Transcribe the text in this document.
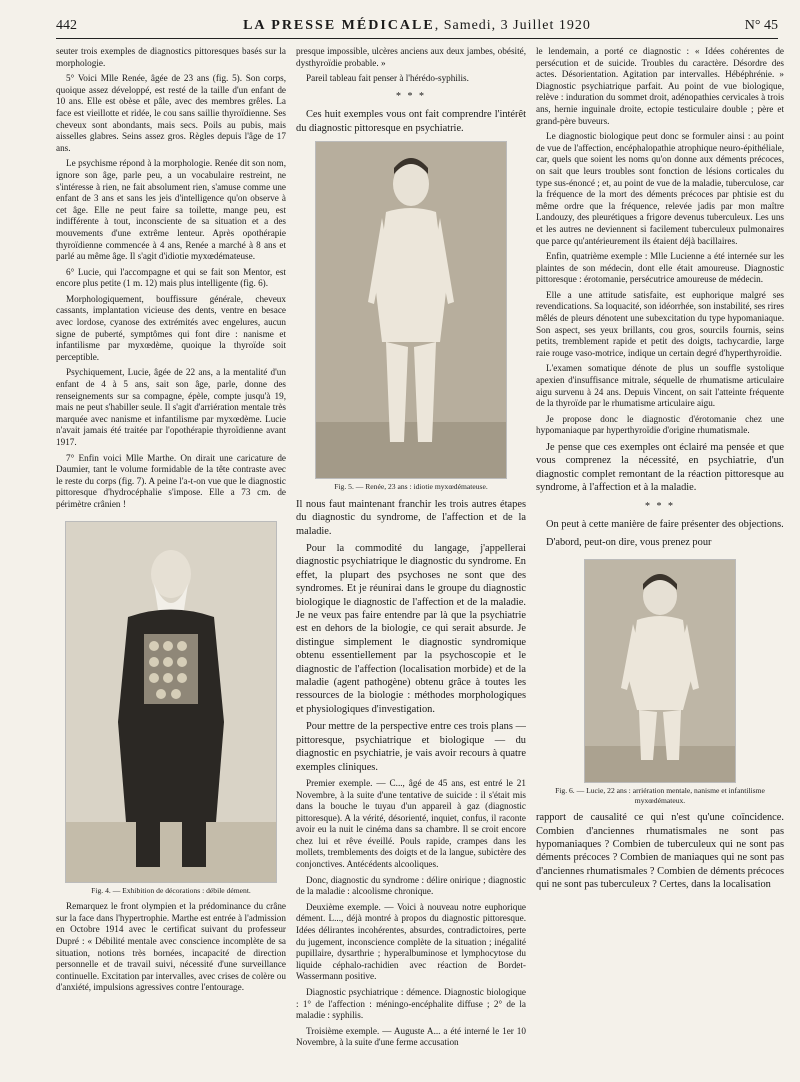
442	LA PRESSE MÉDICALE, Samedi, 3 Juillet 1920	N° 45

seuter trois exemples de diagnostics pittoresques basés sur la morphologie.

5° Voici Mlle Renée, âgée de 23 ans (fig. 5). Son corps, quoique assez développé, est resté de la taille d'un enfant de 10 ans. Elle est obèse et pâle, avec des membres grêles. La face est vieillotte et ridée, le cou sans saillie thyroïdienne. Ses cheveux sont abondants, mais secs. Poils au pubis, mais aisselles glabres. Seins assez gros. Règles depuis l'âge de 17 ans.

Le psychisme répond à la morphologie. Renée dit son nom, ignore son âge, parle peu, a un vocabulaire restreint, ne s'intéresse à rien, ne fait absolument rien, s'amuse comme une enfant de 3 ans et sans les jeis d'intelligence qu'on observe à cet âge. Elle ne peut faire sa toilette, mange peu, est indifférente à tout, inconsciente de sa situation et a des mouvements d'une extrême lenteur. Après opothérapie thyroïdienne commencée à 4 ans, Renée a marché à 8 ans et parlé au même âge. Il s'agit d'idiotie myxœdémateuse.

6° Lucie, qui l'accompagne et qui se fait son Mentor, est encore plus petite (1 m. 12) mais plus intelligente (fig. 6).

Morphologiquement, bouffissure générale, cheveux cassants, implantation vicieuse des dents, ventre en besace avec lordose, cyanose des extrémités avec engelures, aucun signe de puberté, symptômes qui font dire : nanisme et infantilisme par myxœdème, quoique la thyroïde soit perceptible.

Psychiquement, Lucie, âgée de 22 ans, a la mentalité d'un enfant de 4 à 5 ans, sait son âge, parle, donne des renseignements sur sa compagne, épèle, compte jusqu'à 19, mais ne peut s'habiller seule. Il s'agit d'arriération mentale très marquée avec nanisme et infantilisme par myxœdème. Lucie n'avait jamais été traitée par l'opothérapie thyroïdienne avant 1917.

7° Enfin voici Mlle Marthe. On dirait une caricature de Daumier, tant le volume formidable de la tête contraste avec le reste du corps (fig. 7). A peine l'a-t-on vue que le diagnostic pittoresque d'hydrocéphalie s'impose. Elle a 73 cm. de périmètre crânien !

Fig. 4. — Exhibition de décorations : débile dément.

Remarquez le front olympien et la prédominance du crâne sur la face dans l'hypertrophie. Marthe est entrée à l'admission en Octobre 1914 avec le certificat suivant du professeur Dupré : « Débilité mentale avec conscience incomplète de sa situation, notions très bornées, incapacité de direction personnelle et de travail suivi, nécessité d'une surveillance continuelle. Excitation par intervalles, avec crises de colère ou d'anxiété, impulsions agressives contre l'entourage.

presque impossible, ulcères anciens aux deux jambes, obésité, dysthyroïdie probable. »

Pareil tableau fait penser à l'hérédo-syphilis.

* * *

Ces huit exemples vous ont fait comprendre l'intérêt du diagnostic pittoresque en psychiatrie.

Fig. 5. — Renée, 23 ans : idiotie myxœdémateuse.

Il nous faut maintenant franchir les trois autres étapes du diagnostic du syndrome, de l'affection et de la maladie.

Pour la commodité du langage, j'appellerai diagnostic psychiatrique le diagnostic du syndrome. En effet, la plupart des psychoses ne sont que des syndromes. Et je réunirai dans le groupe du diagnostic biologique le diagnostic de l'affection et de la maladie. Je ne veux pas faire entendre par là que la psychiatrie est en dehors de la biologie, ce qui serait absurde. Je distingue simplement le diagnostic syndromique obtenu essentiellement par la psychoscopie et le diagnostic de l'affection (localisation morbide) et de la maladie (agent pathogène) obtenu grâce à toutes les ressources de la biologie : méthodes morphologiques et physiologiques d'investigation.

Pour mettre de la perspective entre ces trois plans — pittoresque, psychiatrique et biologique — du diagnostic en psychiatrie, je vais avoir recours à quatre exemples cliniques.

Premier exemple. — C..., âgé de 45 ans, est entré le 21 Novembre, à la suite d'une tentative de suicide : il s'était mis dans la bouche le tuyau d'un appareil à gaz (diagnostic pittoresque). A la vérité, désorienté, inquiet, confus, il raconte avoir eu la nuit le cinéma dans sa chambre. Il se croit encore chez lui et rêve éveillé. Pouls rapide, crampes dans les mollets, tremblements des doigts et de la langue, subictère des conjonctives. Antécédents alcooliques.

Donc, diagnostic du syndrome : délire onirique ; diagnostic de la maladie : alcoolisme chronique.

Deuxième exemple. — Voici à nouveau notre euphorique dément. L..., déjà montré à propos du diagnostic pittoresque. Idées délirantes incohérentes, absurdes, contradictoires, perte du jugement, inconscience complète de la situation ; inégalité pupillaire, dysarthrie ; hyperalbuminose et lymphocytose du liquide céphalo-rachidien avec réaction de Bordet-Wassermann positive.

Diagnostic psychiatrique : démence. Diagnostic biologique : 1° de l'affection : méningo-encéphalite diffuse ; 2° de la maladie : syphilis.

Troisième exemple. — Auguste A... a été interné le 1er 10 Novembre, à la suite d'une ferme accusation

le lendemain, a porté ce diagnostic : « Idées cohérentes de persécution et de suicide. Troubles du caractère. Désordre des actes. Désorientation. Agitation par intervalles. Hébéphrénie. » Diagnostic psychiatrique parfait. Au point de vue biologique, relève : induration du sommet droit, adénopathies cervicales à trois ans, hernie inguinale droite, ectopie testiculaire double ; père et grand-père buveurs.

Le diagnostic biologique peut donc se formuler ainsi : au point de vue de l'affection, encéphalopathie atrophique neuro-épithéliale, car, quels que soient les noms qu'on donne aux déments précoces, on sait que leurs troubles sont fonction de lésions corticales du type sus-énoncé ; et, au point de vue de la maladie, tuberculose, car la fréquence de la mort des déments précoces par phtisie est du même ordre que la fréquence, relevée jadis par mon maître Landouzy, des pleurétiques a frigore devenus tuberculeux. Les uns et les autres ne deviennent si facilement tuberculeux pulmonaires que parce qu'antérieurement ils étaient déjà bacillaires.

Enfin, quatrième exemple : Mlle Lucienne a été internée sur les plaintes de son médecin, dont elle était amoureuse. Diagnostic pittoresque : érotomanie, persécutrice amoureuse de médecin.

Elle a une attitude satisfaite, est euphorique malgré ses revendications. Sa loquacité, son idéorrhée, son instabilité, ses rires mêlés de pleurs dénotent une subexcitation du type hypomaniaque. Son aspect, ses yeux brillants, cou gros, sourcils fournis, seins petits, tremblement rapide et petit des doigts, tachycardie, large raie rouge vaso-motrice, indique un certain degré d'hyperthyroïdie.

L'examen somatique dénote de plus un souffle systolique apexien d'insuffisance mitrale, séquelle de rhumatisme articulaire aigu survenu à 24 ans. Depuis Vincent, on sait l'atteinte fréquente de la thyroïde par le rhumatisme articulaire aigu.

Je propose donc le diagnostic d'érotomanie chez une hypomaniaque par hyperthyroïdie d'origine rhumatismale.

Je pense que ces exemples ont éclairé ma pensée et que vous comprenez la nécessité, en psychiatrie, d'un diagnostic complet remontant de la réaction pittoresque au syndrome, à l'affection et à la maladie.

* * *

On peut à cette manière de faire présenter des objections.

D'abord, peut-on dire, vous prenez pour

Fig. 6. — Lucie, 22 ans : arriération mentale, nanisme et infantilisme myxœdémateux.

rapport de causalité ce qui n'est qu'une coïncidence. Combien d'anciennes rhumatismales ne sont pas hypomaniaques ? Combien de tuberculeux qui ne sont pas déments précoces ? Combien de maniaques qui ne sont pas d'anciennes rhumatismales ? Combien de déments précoces qui ne sont pas tuberculeux ? Certes, dans la localisation
